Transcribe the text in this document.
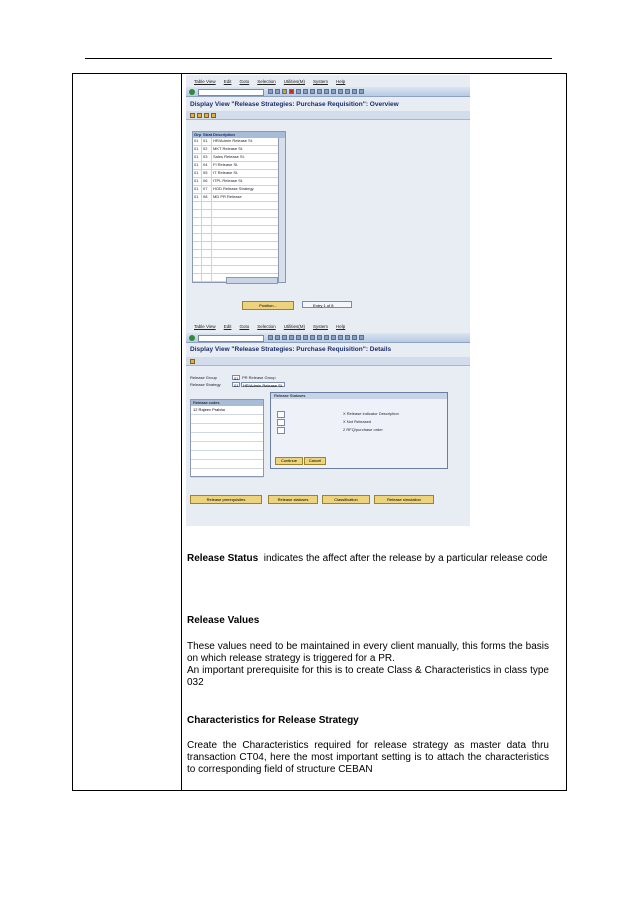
Table View Edit Goto Selection Utilities(M) System Help
Display View "Release Strategies: Purchase Requisition": Overview
Grp Strat Description
01	01	HR/Admin Release St.
01	02	MKT Release St.
01	03	Sales Release St.
01	04	FI Release St.
01	05	IT Release St.
01	06	ITPL Release St.
01	07	HOD Release Strategy
01	08	MD PR Release
Position...	Entry 1 of 8
Table View Edit Goto Selection Utilities(M) System Help
Display View "Release Strategies: Purchase Requisition": Details
Release Group	01 PR Release Group
Release Strategy	01	HR/Admin Release St.
Release codes
12 Rajeev Prabhu
Release Statuses
X Release indicator Description
X Not Released
2 RFQ/purchase order
Continue	Cancel
Release prerequisites	Release statuses	Classification	Release simulation
Release Status indicates the affect after the release by a particular release code
Release Values
These values need to be maintained in every client manually, this forms the basis on which release strategy is triggered for a PR.
An important prerequisite for this is to create Class & Characteristics in class type 032
Characteristics for Release Strategy
Create the Characteristics required for release strategy as master data thru transaction CT04, here the most important setting is to attach the characteristics to corresponding field of structure CEBAN
